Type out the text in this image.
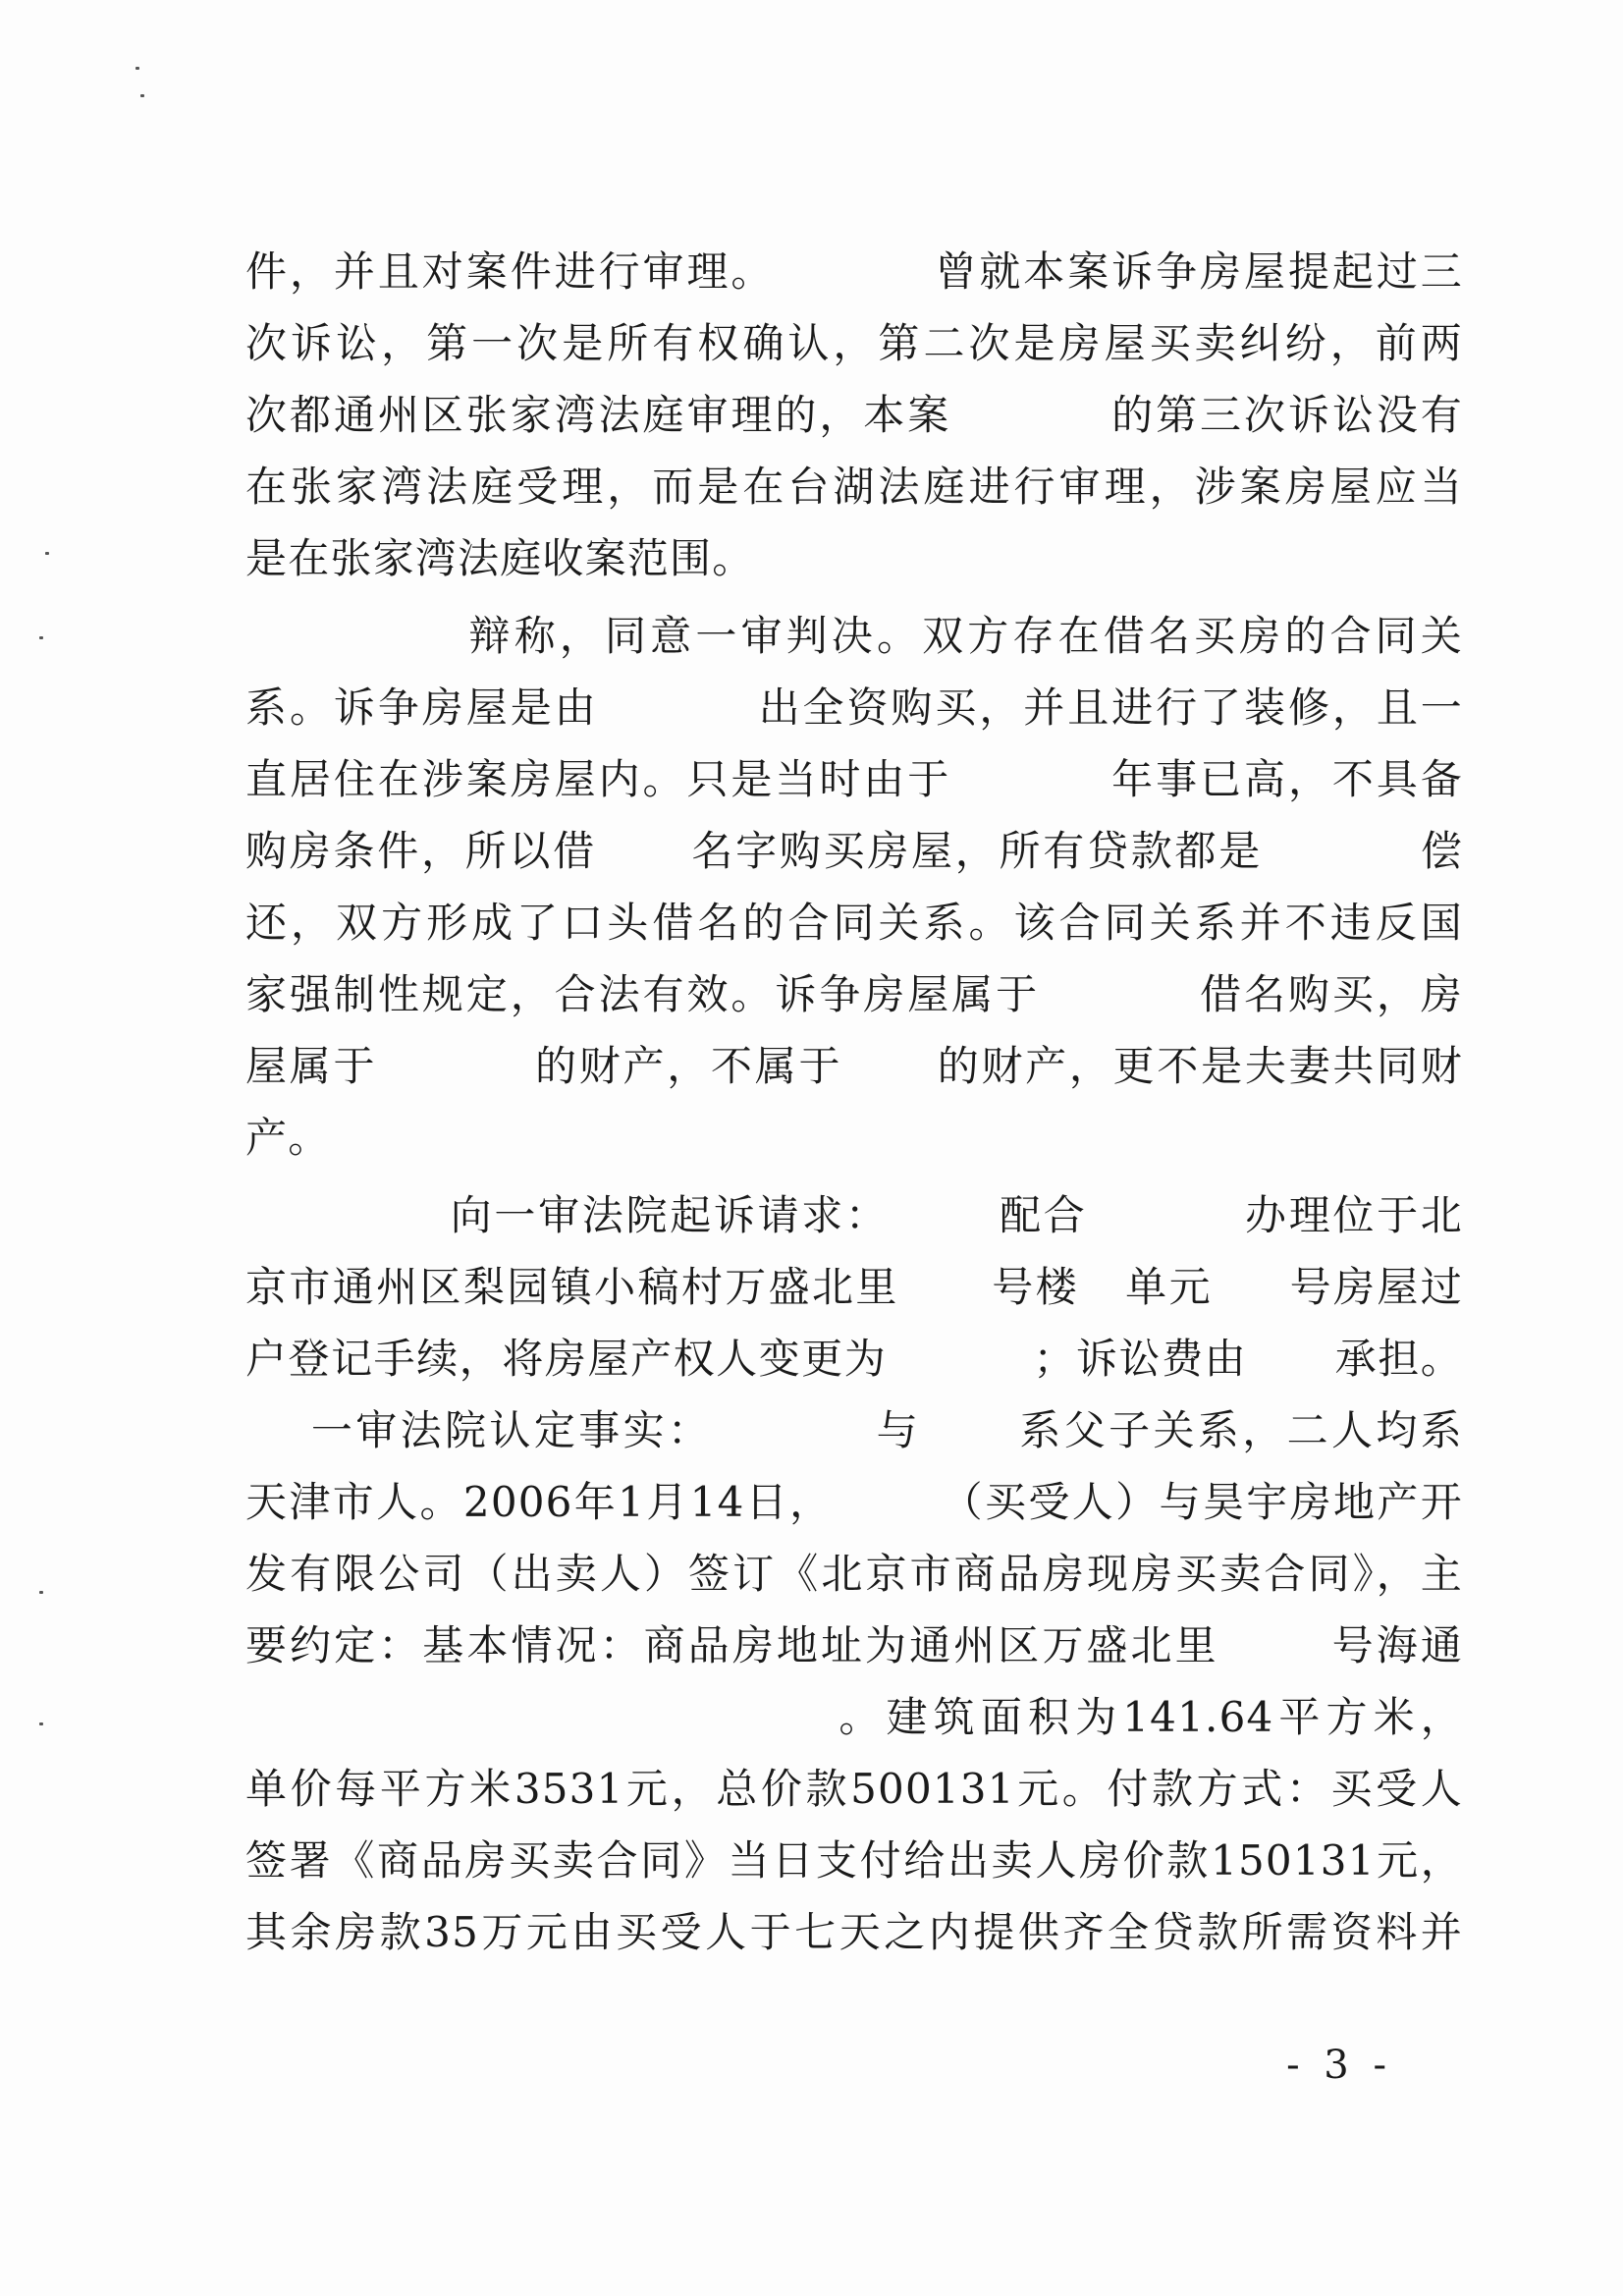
件，并且对案件进行审理。          曾就本案诉争房屋提起过三
次诉讼，第一次是所有权确认，第二次是房屋买卖纠纷，前两
次都通州区张家湾法庭审理的，本案          的第三次诉讼没有
在张家湾法庭受理，而是在台湖法庭进行审理，涉案房屋应当
是在张家湾法庭收案范围。
辩称，同意一审判决。双方存在借名买房的合同关
系。诉争房屋是由          出全资购买，并且进行了装修，且一
直居住在涉案房屋内。只是当时由于          年事已高，不具备
购房条件，所以借      名字购买房屋，所有贷款都是          偿
还，双方形成了口头借名的合同关系。该合同关系并不违反国
家强制性规定，合法有效。诉争房屋属于          借名购买，房
屋属于          的财产，不属于      的财产，更不是夫妻共同财
产。
向一审法院起诉请求：       配合          办理位于北
京市通州区梨园镇小稿村万盛北里      号楼   单元     号房屋过
户登记手续，将房屋产权人变更为          ；诉讼费由      承担。
一审法院认定事实：          与      系父子关系，二人均系
天津市人。2006年1月14日，       （买受人）与昊宇房地产开
发有限公司（出卖人）签订《北京市商品房现房买卖合同》，主
要约定：基本情况：商品房地址为通州区万盛北里       号海通
。建筑面积为141.64平方米，
单价每平方米3531元，总价款500131元。付款方式：买受人
签署《商品房买卖合同》当日支付给出卖人房价款150131元，
其余房款35万元由买受人于七天之内提供齐全贷款所需资料并
- 3 -
